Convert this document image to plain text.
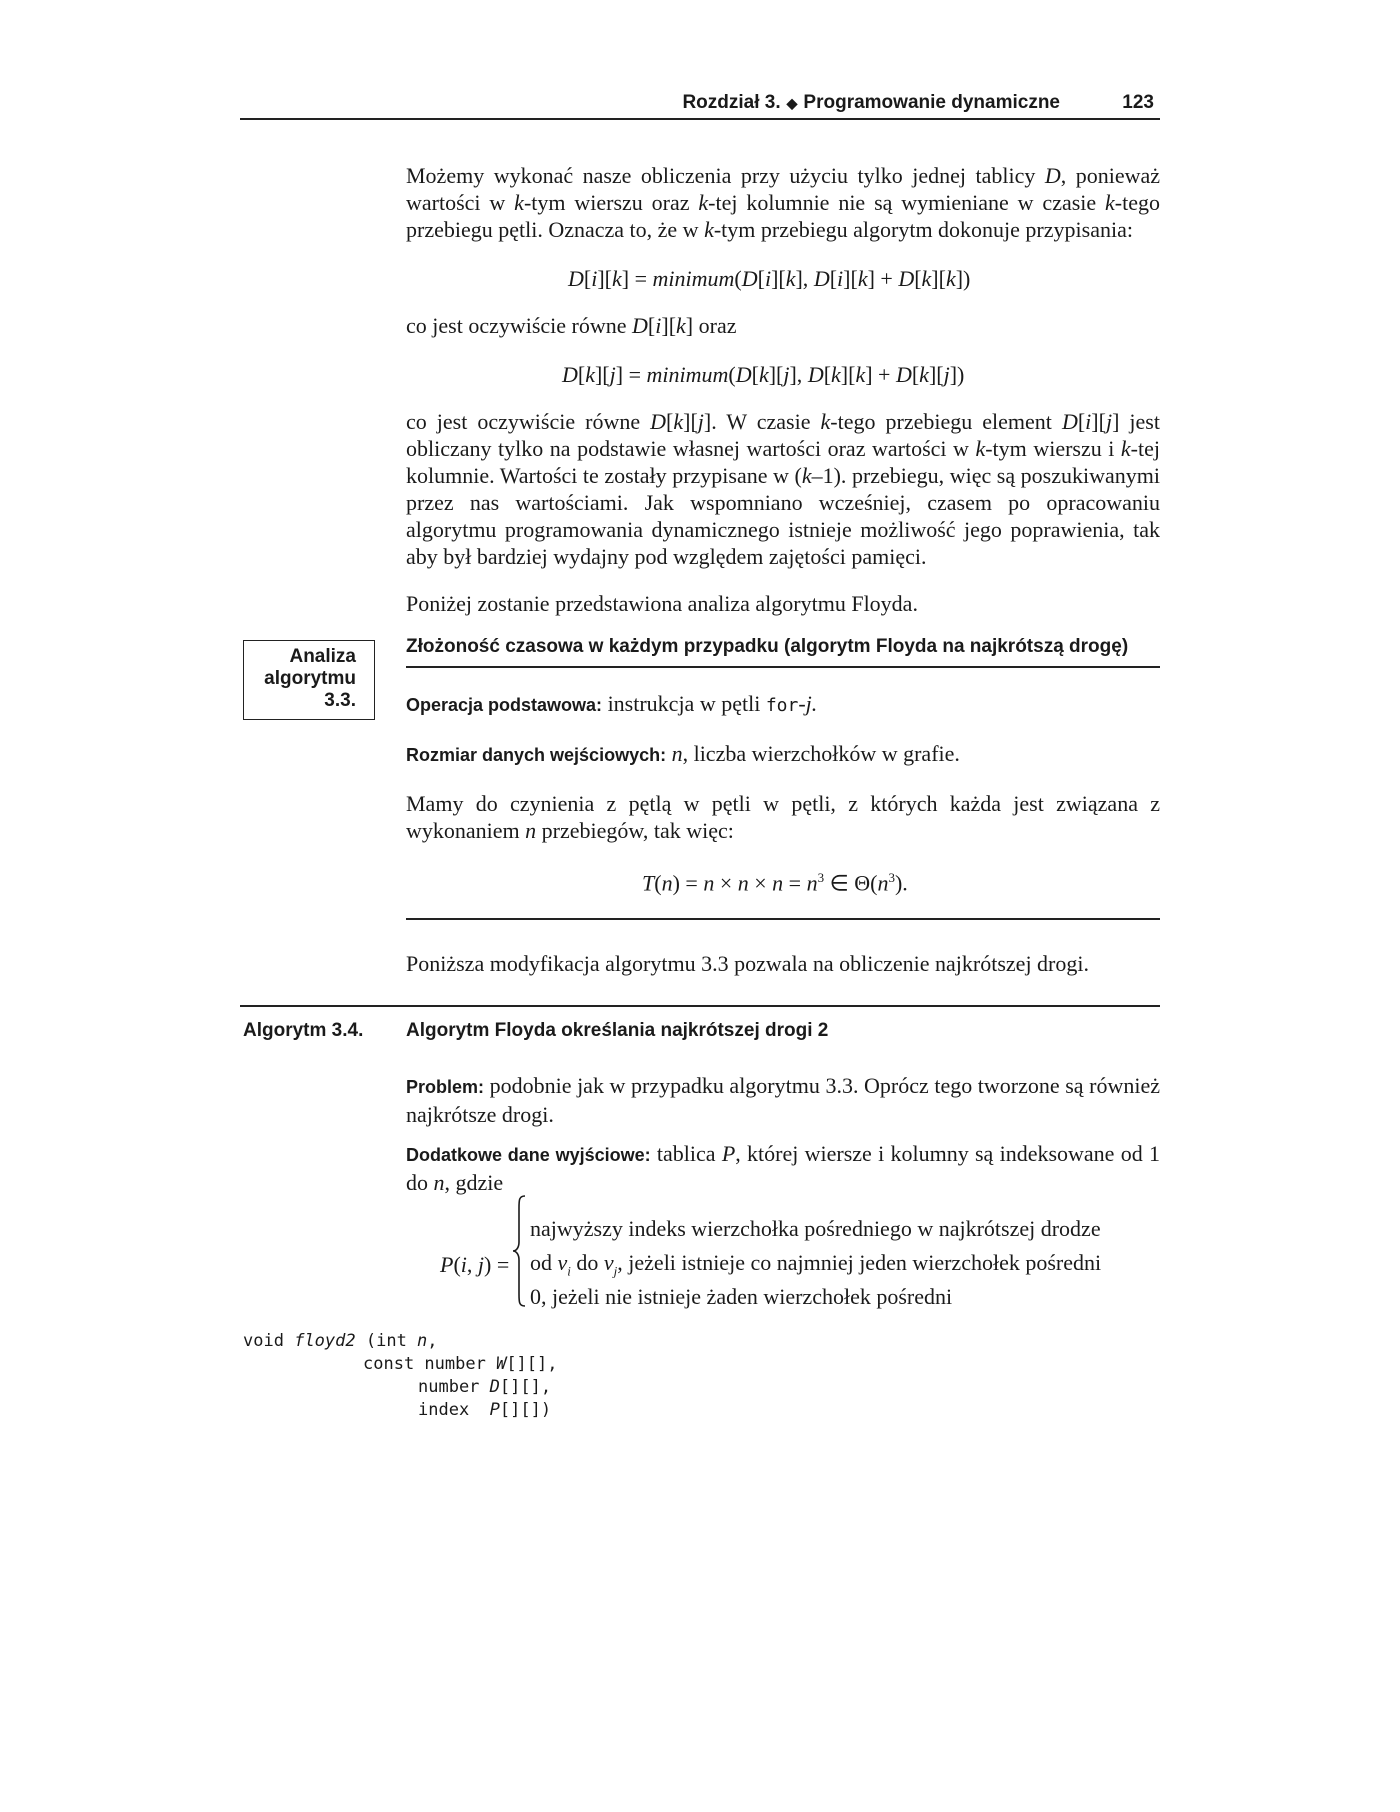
Rozdział 3. ◆ Programowanie dynamiczne	123
Możemy wykonać nasze obliczenia przy użyciu tylko jednej tablicy D, ponieważ wartości w k-tym wierszu oraz k-tej kolumnie nie są wymieniane w czasie k-tego przebiegu pętli. Oznacza to, że w k-tym przebiegu algorytm dokonuje przypisania:
D[i][k] = minimum(D[i][k], D[i][k] + D[k][k])
co jest oczywiście równe D[i][k] oraz
D[k][j] = minimum(D[k][j], D[k][k] + D[k][j])
co jest oczywiście równe D[k][j]. W czasie k-tego przebiegu element D[i][j] jest obliczany tylko na podstawie własnej wartości oraz wartości w k-tym wierszu i k-tej kolumnie. Wartości te zostały przypisane w (k–1). przebiegu, więc są poszukiwanymi przez nas wartościami. Jak wspomniano wcześniej, czasem po opracowaniu algorytmu programowania dynamicznego istnieje możliwość jego poprawienia, tak aby był bardziej wydajny pod względem zajętości pamięci.
Poniżej zostanie przedstawiona analiza algorytmu Floyda.
Analiza
algorytmu
3.3.
Złożoność czasowa w każdym przypadku (algorytm Floyda na najkrótszą drogę)
Operacja podstawowa: instrukcja w pętli for-j.
Rozmiar danych wejściowych: n, liczba wierzchołków w grafie.
Mamy do czynienia z pętlą w pętli w pętli, z których każda jest związana z wykonaniem n przebiegów, tak więc:
$T(n) = n \times n \times n = n^3$ ∈ $\Theta(n^3)$.
Poniższa modyfikacja algorytmu 3.3 pozwala na obliczenie najkrótszej drogi.
Algorytm 3.4. Algorytm Floyda określania najkrótszej drogi 2
Problem: podobnie jak w przypadku algorytmu 3.3. Oprócz tego tworzone są również najkrótsze drogi.
Dodatkowe dane wyjściowe: tablica P, której wiersze i kolumny są indeksowane od 1 do n, gdzie
P(i, j) =
najwyższy indeks wierzchołka pośredniego w najkrótszej drodze
od $v_i$ do $v_j$, jeżeli istnieje co najmniej jeden wierzchołek pośredni
0, jeżeli nie istnieje żaden wierzchołek pośredni
void floyd2 (int n,
const number W[][],
number D[][],
index  P[][])
